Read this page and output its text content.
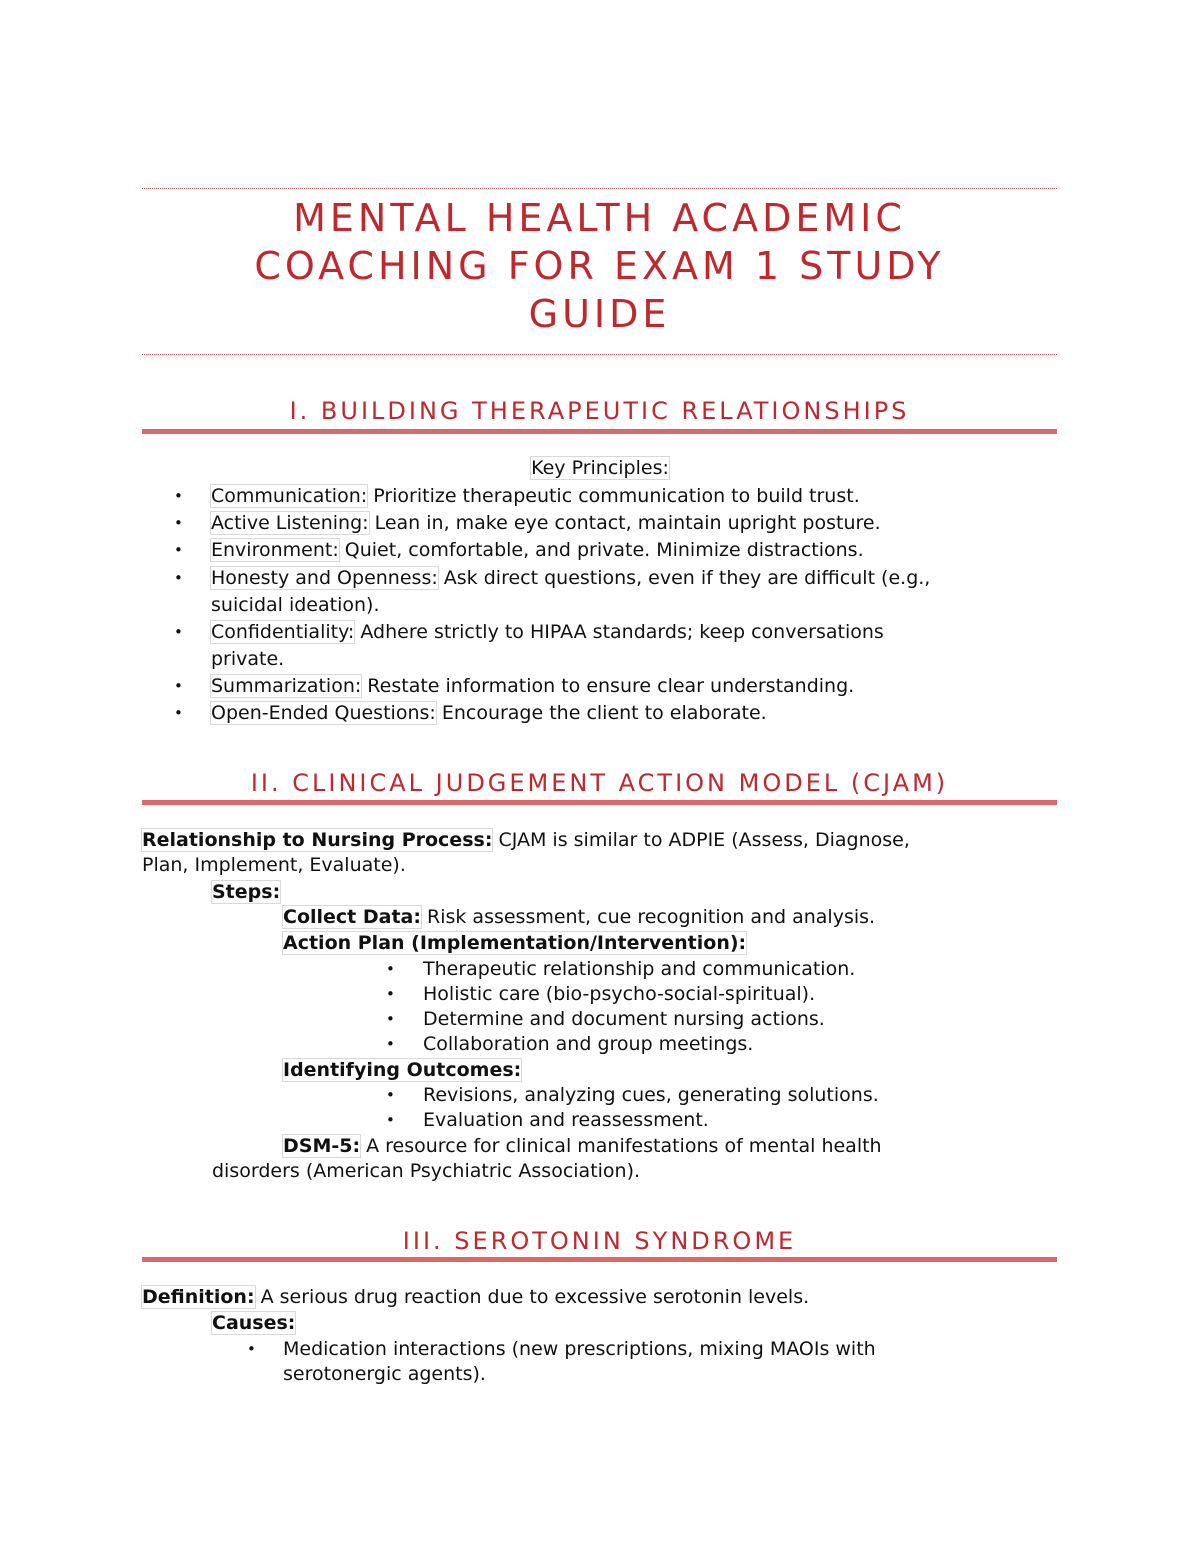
MENTAL HEALTH ACADEMIC
COACHING FOR EXAM 1 STUDY
GUIDE
I. BUILDING THERAPEUTIC RELATIONSHIPS
Key Principles:
• Communication: Prioritize therapeutic communication to build trust.
• Active Listening: Lean in, make eye contact, maintain upright posture.
• Environment: Quiet, comfortable, and private. Minimize distractions.
• Honesty and Openness: Ask direct questions, even if they are difficult (e.g.,
suicidal ideation).
• Confidentiality: Adhere strictly to HIPAA standards; keep conversations
private.
• Summarization: Restate information to ensure clear understanding.
• Open-Ended Questions: Encourage the client to elaborate.
II. CLINICAL JUDGEMENT ACTION MODEL (CJAM)
Relationship to Nursing Process: CJAM is similar to ADPIE (Assess, Diagnose,
Plan, Implement, Evaluate).
Steps:
Collect Data: Risk assessment, cue recognition and analysis.
Action Plan (Implementation/Intervention):
• Therapeutic relationship and communication.
• Holistic care (bio-psycho-social-spiritual).
• Determine and document nursing actions.
• Collaboration and group meetings.
Identifying Outcomes:
• Revisions, analyzing cues, generating solutions.
• Evaluation and reassessment.
DSM-5: A resource for clinical manifestations of mental health
disorders (American Psychiatric Association).
III. SEROTONIN SYNDROME
Definition: A serious drug reaction due to excessive serotonin levels.
Causes:
• Medication interactions (new prescriptions, mixing MAOIs with
serotonergic agents).
